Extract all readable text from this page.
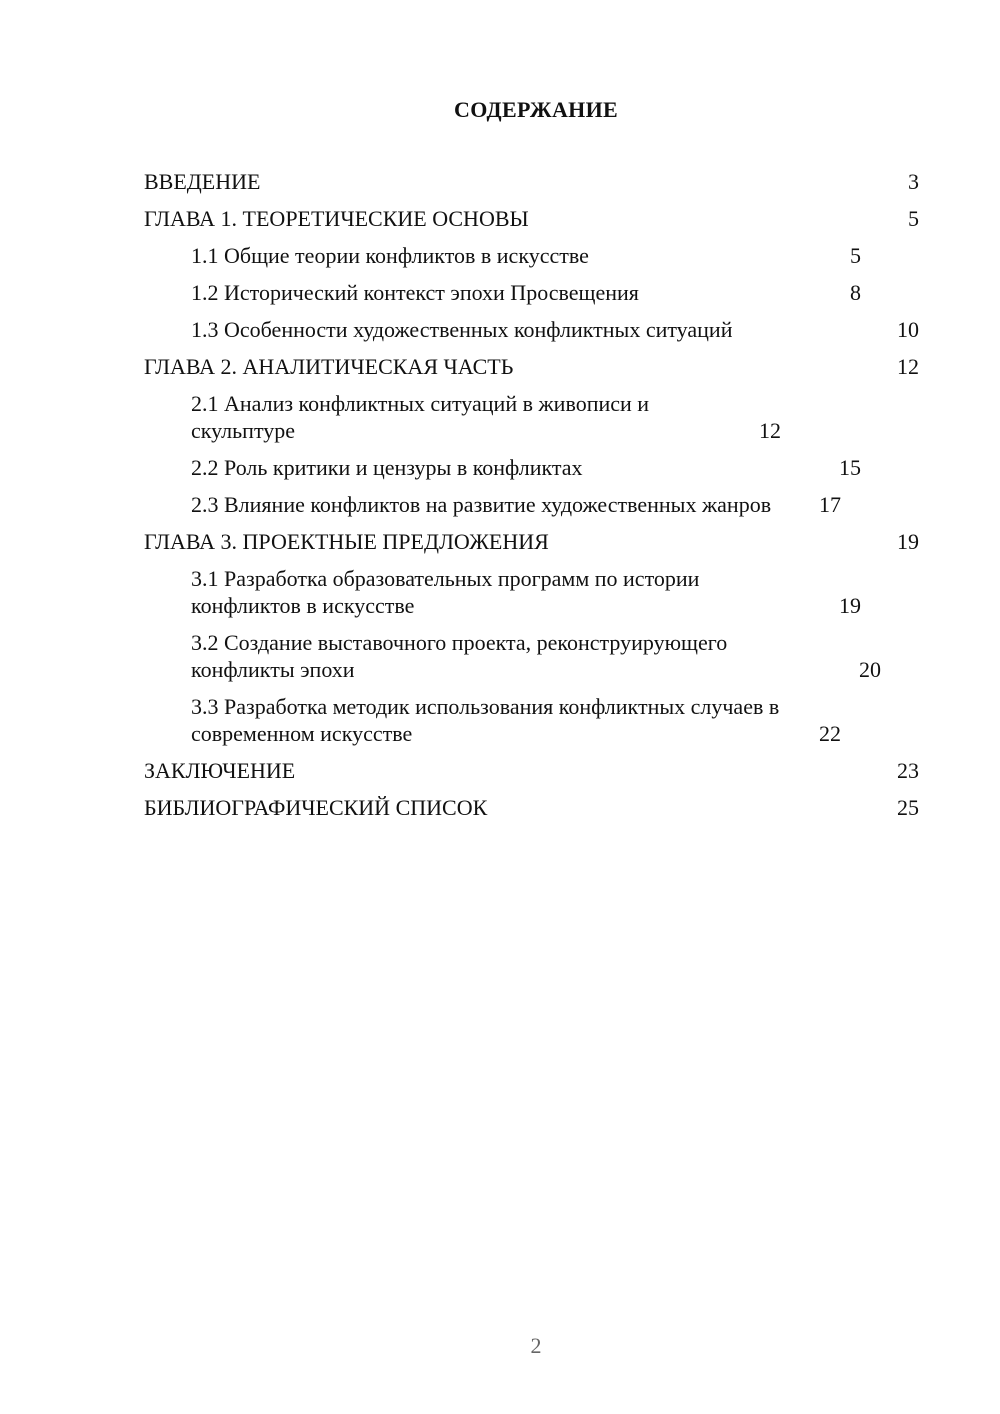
СОДЕРЖАНИЕ
ВВЕДЕНИЕ	3
ГЛАВА 1. ТЕОРЕТИЧЕСКИЕ ОСНОВЫ	5
1.1 Общие теории конфликтов в искусстве	5
1.2 Исторический контекст эпохи Просвещения	8
1.3 Особенности художественных конфликтных ситуаций	10
ГЛАВА 2. АНАЛИТИЧЕСКАЯ ЧАСТЬ	12
2.1 Анализ конфликтных ситуаций в живописи и скульптуре	12
2.2 Роль критики и цензуры в конфликтах	15
2.3 Влияние конфликтов на развитие художественных жанров	17
ГЛАВА 3. ПРОЕКТНЫЕ ПРЕДЛОЖЕНИЯ	19
3.1 Разработка образовательных программ по истории конфликтов в искусстве	19
3.2 Создание выставочного проекта, реконструирующего конфликты эпохи	20
3.3 Разработка методик использования конфликтных случаев в современном искусстве	22
ЗАКЛЮЧЕНИЕ	23
БИБЛИОГРАФИЧЕСКИЙ СПИСОК	25
2
